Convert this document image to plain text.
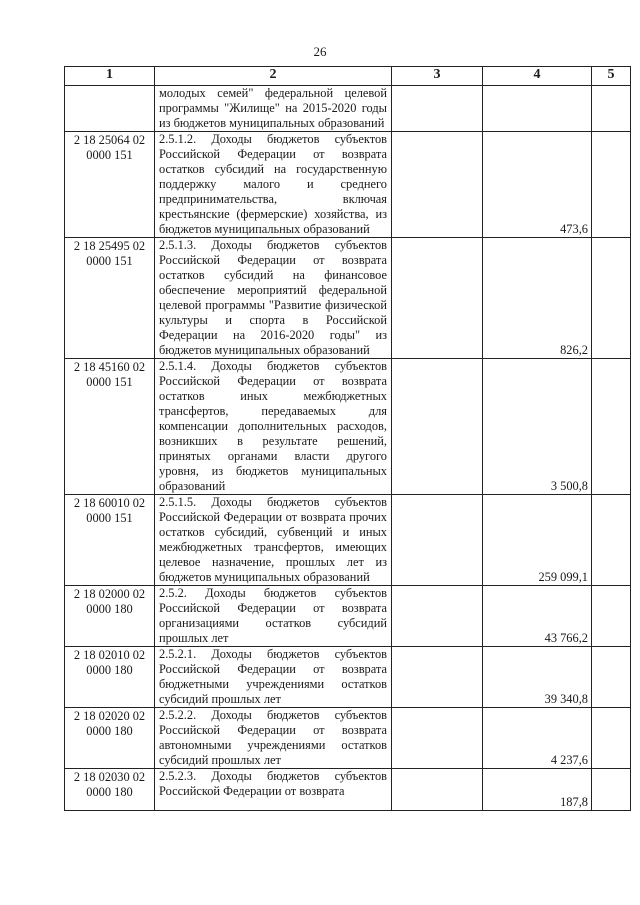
26
1	2	3	4	5
	молодых семей" федеральной целевой программы "Жилище" на 2015-2020 годы из бюджетов муниципальных образований			
2 18 25064 02 0000 151	2.5.1.2. Доходы бюджетов субъектов Российской Федерации от возврата остатков субсидий на государственную поддержку малого и среднего предпринимательства, включая крестьянские (фермерские) хозяйства, из бюджетов муниципальных образований		473,6	
2 18 25495 02 0000 151	2.5.1.3. Доходы бюджетов субъектов Российской Федерации от возврата остатков субсидий на финансовое обеспечение мероприятий федеральной целевой программы "Развитие физической культуры и спорта в Российской Федерации на 2016-2020 годы" из бюджетов муниципальных образований		826,2	
2 18 45160 02 0000 151	2.5.1.4. Доходы бюджетов субъектов Российской Федерации от возврата остатков иных межбюджетных трансфертов, передаваемых для компенсации дополнительных расходов, возникших в результате решений, принятых органами власти другого уровня, из бюджетов муниципальных образований		3 500,8	
2 18 60010 02 0000 151	2.5.1.5. Доходы бюджетов субъектов Российской Федерации от возврата прочих остатков субсидий, субвенций и иных межбюджетных трансфертов, имеющих целевое назначение, прошлых лет из бюджетов муниципальных образований		259 099,1	
2 18 02000 02 0000 180	2.5.2. Доходы бюджетов субъектов Российской Федерации от возврата организациями остатков субсидий прошлых лет		43 766,2	
2 18 02010 02 0000 180	2.5.2.1. Доходы бюджетов субъектов Российской Федерации от возврата бюджетными учреждениями остатков субсидий прошлых лет		39 340,8	
2 18 02020 02 0000 180	2.5.2.2. Доходы бюджетов субъектов Российской Федерации от возврата автономными учреждениями остатков субсидий прошлых лет		4 237,6	
2 18 02030 02 0000 180	2.5.2.3. Доходы бюджетов субъектов Российской Федерации от возврата		187,8	
